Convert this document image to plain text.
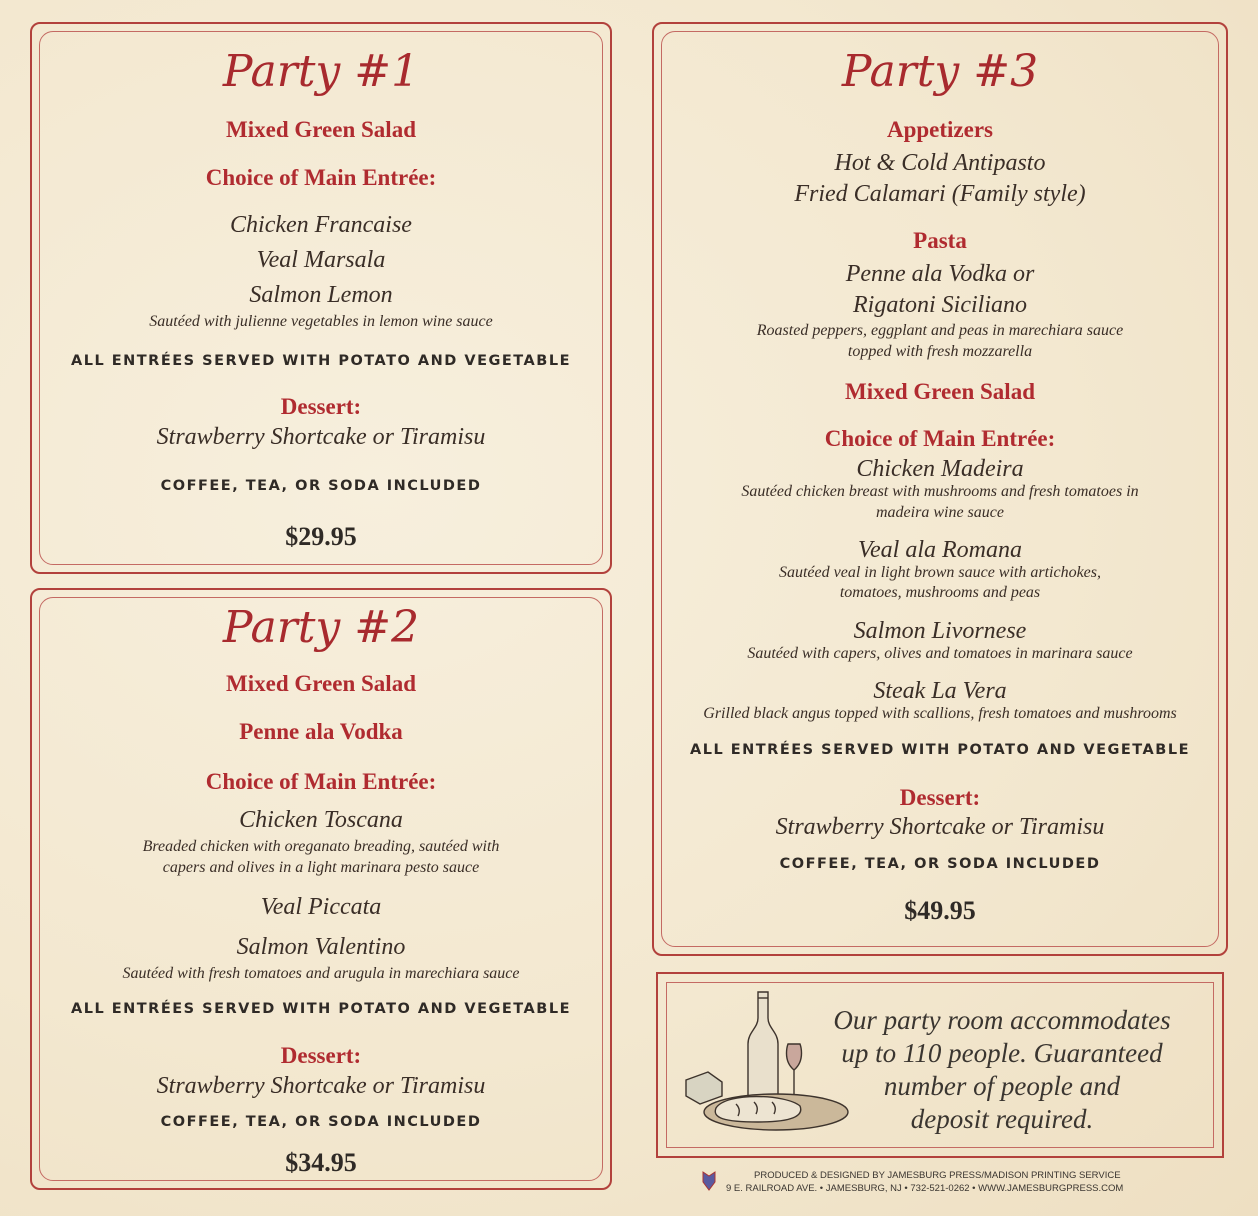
Party #1
Mixed Green Salad
Choice of Main Entrée:
Chicken Francaise
Veal Marsala
Salmon Lemon
Sautéed with julienne vegetables in lemon wine sauce
ALL ENTRÉES SERVED WITH POTATO AND VEGETABLE
Dessert:
Strawberry Shortcake or Tiramisu
COFFEE, TEA, OR SODA INCLUDED
$29.95
Party #2
Mixed Green Salad
Penne ala Vodka
Choice of Main Entrée:
Chicken Toscana
Breaded chicken with oreganato breading, sautéed with
capers and olives in a light marinara pesto sauce
Veal Piccata
Salmon Valentino
Sautéed with fresh tomatoes and arugula in marechiara sauce
ALL ENTRÉES SERVED WITH POTATO AND VEGETABLE
Dessert:
Strawberry Shortcake or Tiramisu
COFFEE, TEA, OR SODA INCLUDED
$34.95
Party #3
Appetizers
Hot & Cold Antipasto
Fried Calamari (Family style)
Pasta
Penne ala Vodka or
Rigatoni Siciliano
Roasted peppers, eggplant and peas in marechiara sauce
topped with fresh mozzarella
Mixed Green Salad
Choice of Main Entrée:
Chicken Madeira
Sautéed chicken breast with mushrooms and fresh tomatoes in
madeira wine sauce
Veal ala Romana
Sautéed veal in light brown sauce with artichokes,
tomatoes, mushrooms and peas
Salmon Livornese
Sautéed with capers, olives and tomatoes in marinara sauce
Steak La Vera
Grilled black angus topped with scallions, fresh tomatoes and mushrooms
ALL ENTRÉES SERVED WITH POTATO AND VEGETABLE
Dessert:
Strawberry Shortcake or Tiramisu
COFFEE, TEA, OR SODA INCLUDED
$49.95
Our party room accommodates
up to 110 people. Guaranteed
number of people and
deposit required.
PRODUCED & DESIGNED BY JAMESBURG PRESS/MADISON PRINTING SERVICE
9 E. RAILROAD AVE. • JAMESBURG, NJ • 732-521-0262 • WWW.JAMESBURGPRESS.COM
